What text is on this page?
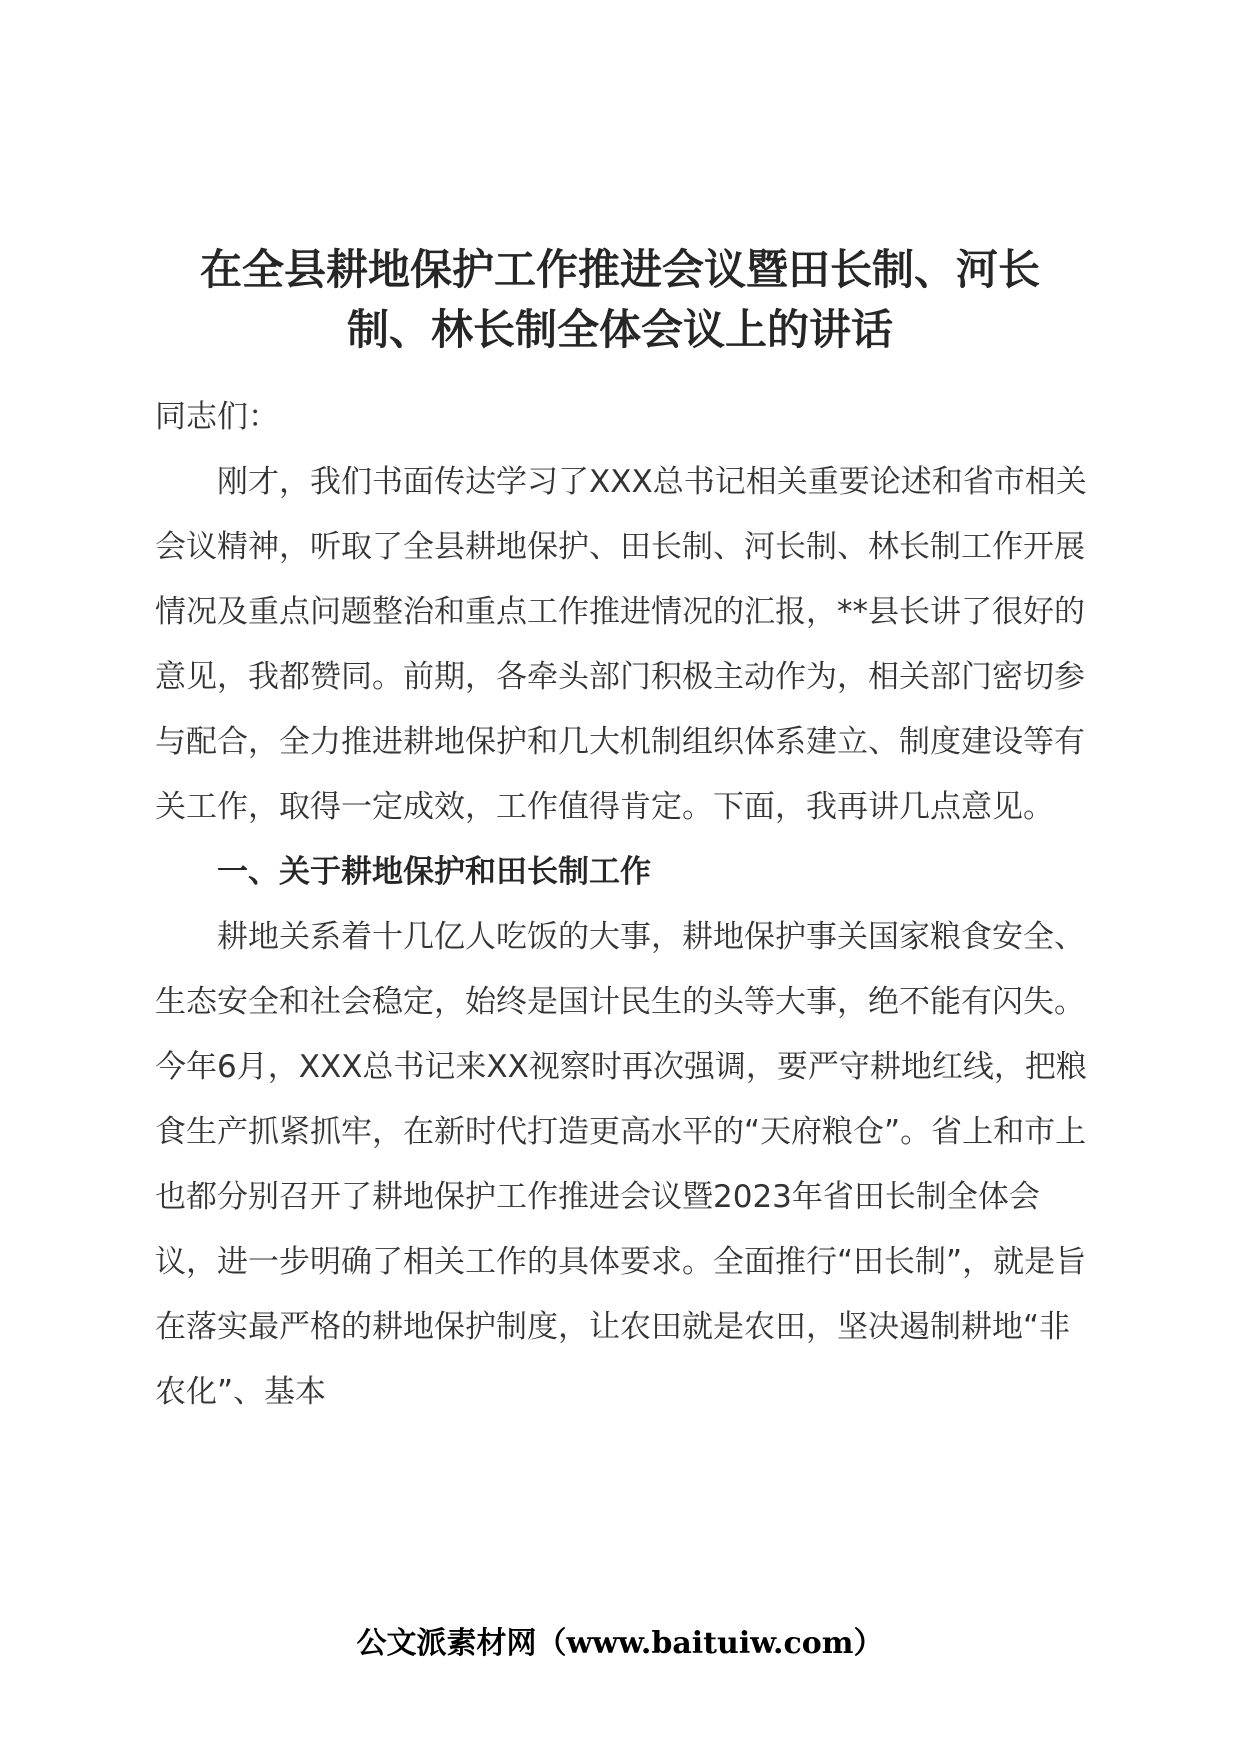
在全县耕地保护工作推进会议暨田长制、河长
制、林长制全体会议上的讲话

同志们：

刚才，我们书面传达学习了XXX总书记相关重要论述和省市相关会议精神，听取了全县耕地保护、田长制、河长制、林长制工作开展情况及重点问题整治和重点工作推进情况的汇报，**县长讲了很好的意见，我都赞同。前期，各牵头部门积极主动作为，相关部门密切参与配合，全力推进耕地保护和几大机制组织体系建立、制度建设等有关工作，取得一定成效，工作值得肯定。下面，我再讲几点意见。

一、关于耕地保护和田长制工作

耕地关系着十几亿人吃饭的大事，耕地保护事关国家粮食安全、生态安全和社会稳定，始终是国计民生的头等大事，绝不能有闪失。今年6月，XXX总书记来XX视察时再次强调，要严守耕地红线，把粮食生产抓紧抓牢，在新时代打造更高水平的“天府粮仓”。省上和市上也都分别召开了耕地保护工作推进会议暨2023年省田长制全体会议，进一步明确了相关工作的具体要求。全面推行“田长制”，就是旨在落实最严格的耕地保护制度，让农田就是农田，坚决遏制耕地“非农化”、基本

公文派素材网（www.baituiw.com）
